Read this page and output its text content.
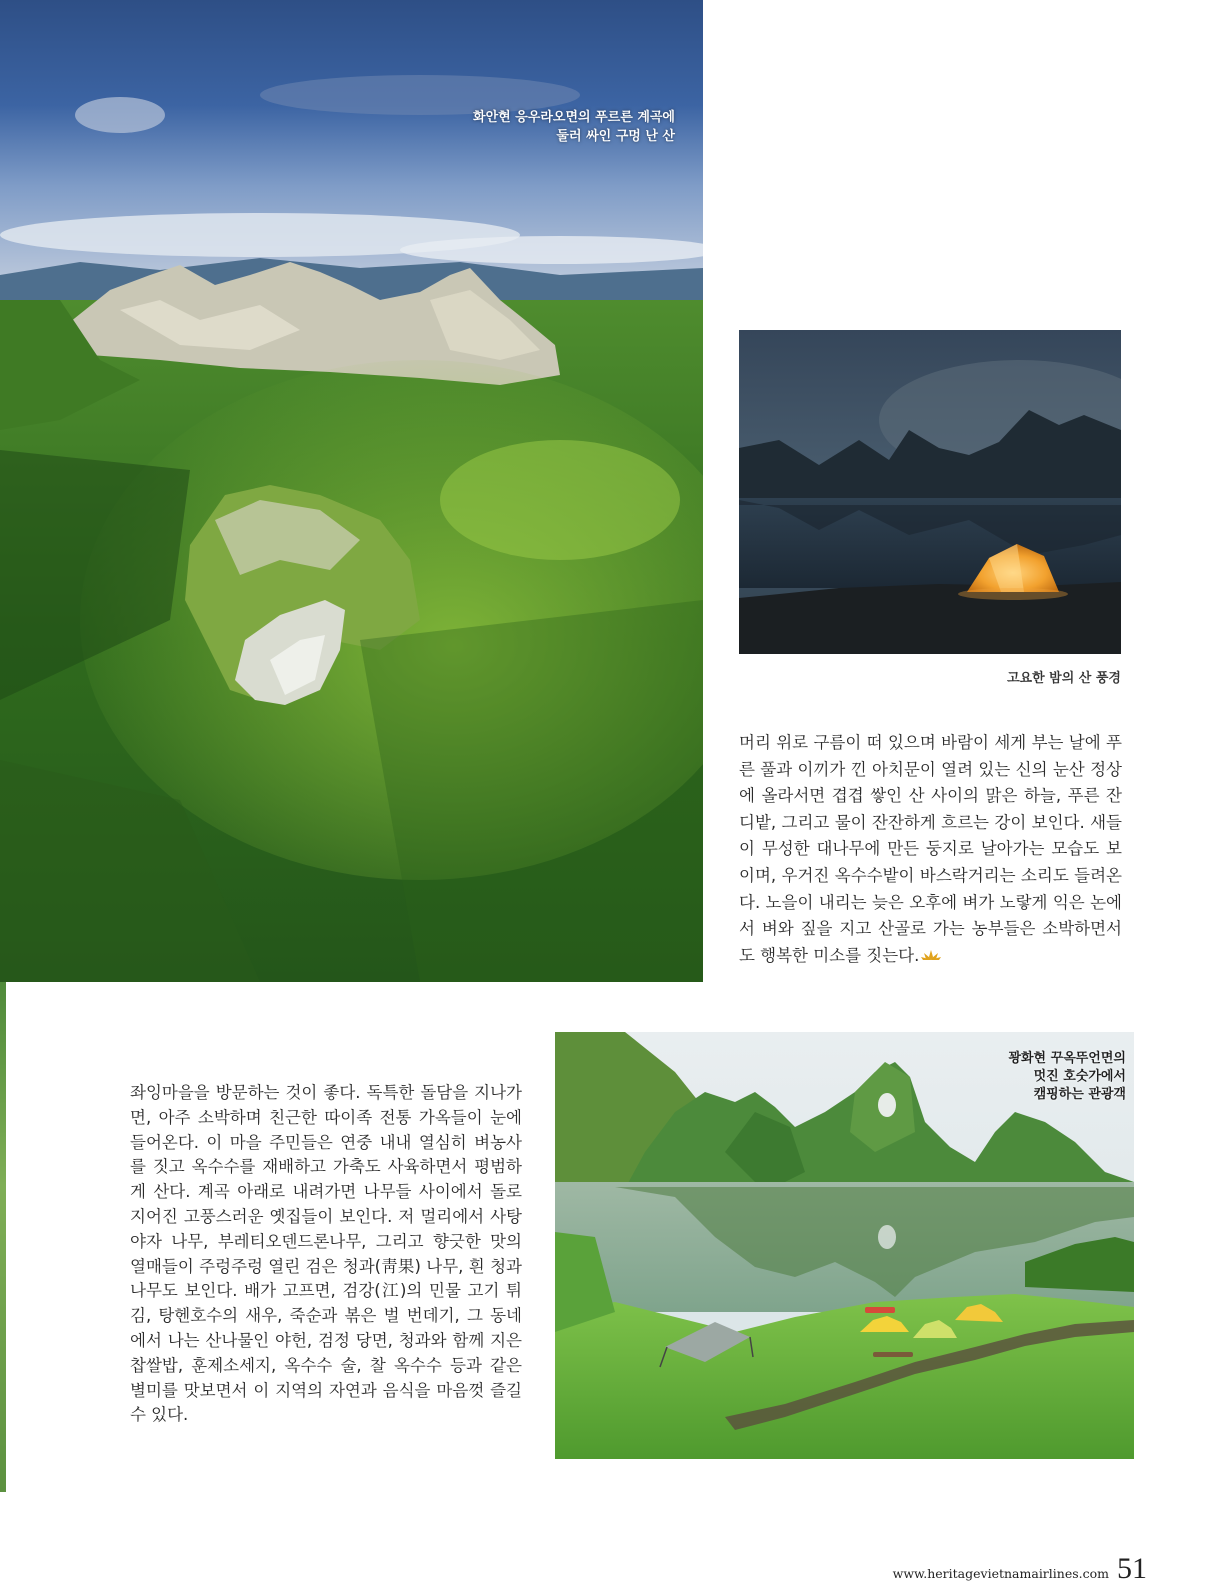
화안현 응우라오면의 푸르른 계곡에
둘러 싸인 구멍 난 산
고요한 밤의 산 풍경
머리 위로 구름이 떠 있으며 바람이 세게 부는 날에 푸른 풀과 이끼가 낀 아치문이 열려 있는 신의 눈산 정상에 올라서면 겹겹 쌓인 산 사이의 맑은 하늘, 푸른 잔디밭, 그리고 물이 잔잔하게 흐르는 강이 보인다. 새들이 무성한 대나무에 만든 둥지로 날아가는 모습도 보이며, 우거진 옥수수밭이 바스락거리는 소리도 들려온다. 노을이 내리는 늦은 오후에 벼가 노랗게 익은 논에서 벼와 짚을 지고 산골로 가는 농부들은 소박하면서도 행복한 미소를 짓는다.
좌잉마을을 방문하는 것이 좋다. 독특한 돌담을 지나가면, 아주 소박하며 친근한 따이족 전통 가옥들이 눈에 들어온다. 이 마을 주민들은 연중 내내 열심히 벼농사를 짓고 옥수수를 재배하고 가축도 사육하면서 평범하게 산다. 계곡 아래로 내려가면 나무들 사이에서 돌로 지어진 고풍스러운 옛집들이 보인다. 저 멀리에서 사탕야자 나무, 부레티오덴드론나무, 그리고 향긋한 맛의 열매들이 주렁주렁 열린 검은 청과(靑果) 나무, 흰 청과 나무도 보인다. 배가 고프면, 검강(江)의 민물 고기 튀김, 탕헨호수의 새우, 죽순과 볶은 벌 번데기, 그 동네에서 나는 산나물인 야헌, 검정 당면, 청과와 함께 지은 찹쌀밥, 훈제소세지, 옥수수 술, 찰 옥수수 등과 같은 별미를 맛보면서 이 지역의 자연과 음식을 마음껏 즐길 수 있다.
꽝화현 꾸옥뚜언면의
멋진 호숫가에서
캠핑하는 관광객
www.heritagevietnamairlines.com 51
